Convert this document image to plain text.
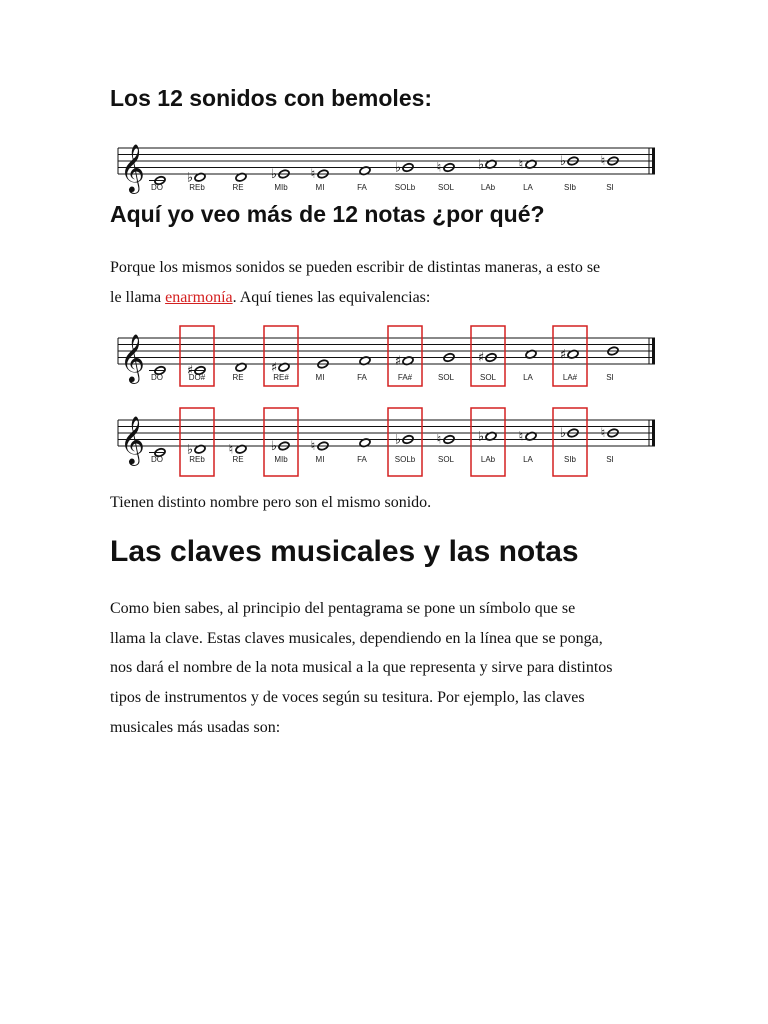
Los 12 sonidos con bemoles:
𝄞 DO
♭
REb	RE
♭
MIb
♮
MI	FA
♭
SOLb
♮
SOL
♭
LAb
♮
LA
♭
SIb
♮
SI
Aquí yo veo más de 12 notas ¿por qué?

Porque los mismos sonidos se pueden escribir de distintas maneras, a esto se

le llama enarmonía. Aquí tienes las equivalencias:

𝄞 DO ♯
DO#	RE
♯
RE#	MI	FA
♯
FA#	SOL
♯
SOL	LA
♯
LA#	SI
𝄞 DO
♭
REb
♮
RE
♭
MIb
♮
MI	FA
♭
SOLb
♮
SOL
♭
LAb
♮
LA
♭
SIb
♮
SI

Tienen distinto nombre pero son el mismo sonido.

Las claves musicales y las notas

Como bien sabes, al principio del pentagrama se pone un símbolo que se

llama la clave. Estas claves musicales, dependiendo en la línea que se ponga,

nos dará el nombre de la nota musical a la que representa y sirve para distintos

tipos de instrumentos y de voces según su tesitura. Por ejemplo, las claves

musicales más usadas son:
